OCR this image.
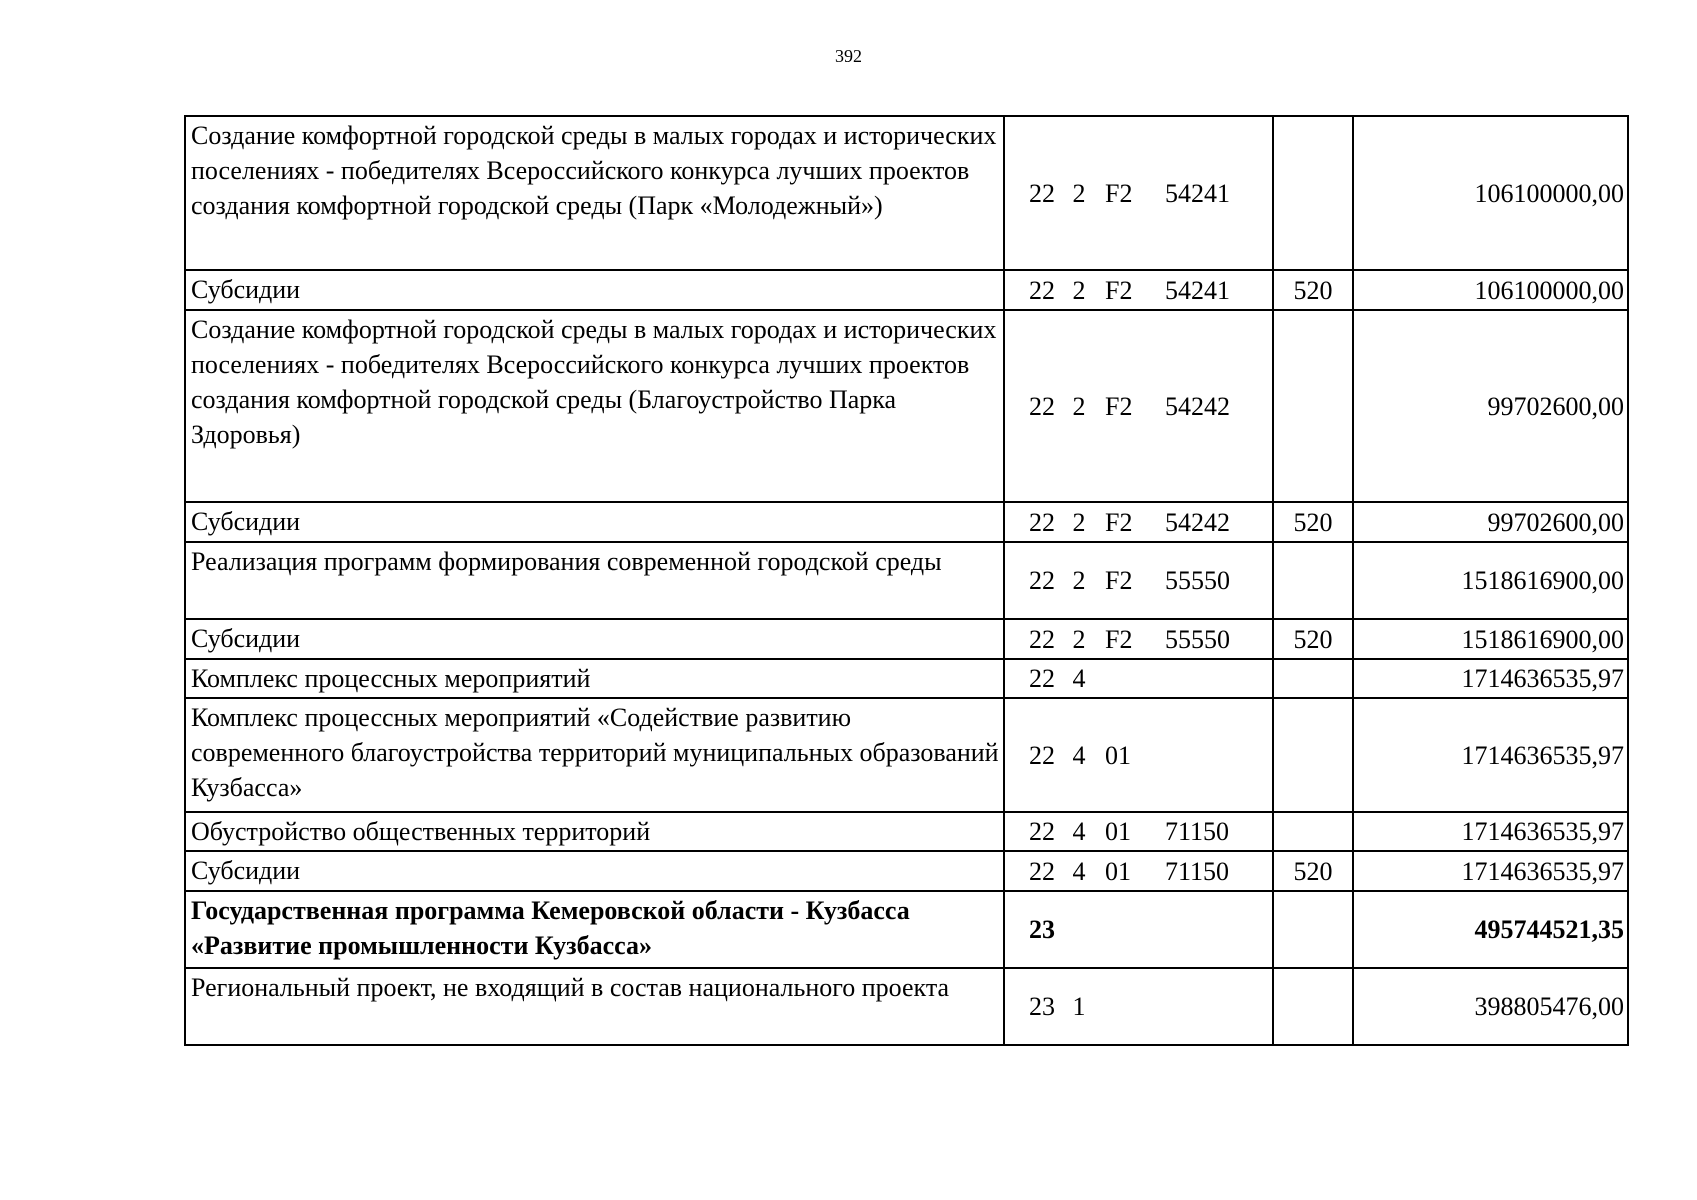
392
Создание комфортной городской среды в малых городах и исторических поселениях - победителях Всероссийского конкурса лучших проектов создания комфортной городской среды (Парк «Молодежный»)	22 2 F2 54241		106100000,00
Субсидии	22 2 F2 54241	520	106100000,00
Создание комфортной городской среды в малых городах и исторических поселениях - победителях Всероссийского конкурса лучших проектов создания комфортной городской среды (Благоустройство Парка Здоровья)	22 2 F2 54242		99702600,00
Субсидии	22 2 F2 54242	520	99702600,00
Реализация программ формирования современной городской среды	22 2 F2 55550		1518616900,00
Субсидии	22 2 F2 55550	520	1518616900,00
Комплекс процессных мероприятий	22 4		1714636535,97
Комплекс процессных мероприятий «Содействие развитию современного благоустройства территорий муниципальных образований Кузбасса»	22 4 01		1714636535,97
Обустройство общественных территорий	22 4 01 71150		1714636535,97
Субсидии	22 4 01 71150	520	1714636535,97
Государственная программа Кемеровской области - Кузбасса «Развитие промышленности Кузбасса»	23		495744521,35
Региональный проект, не входящий в состав национального проекта	23 1		398805476,00
